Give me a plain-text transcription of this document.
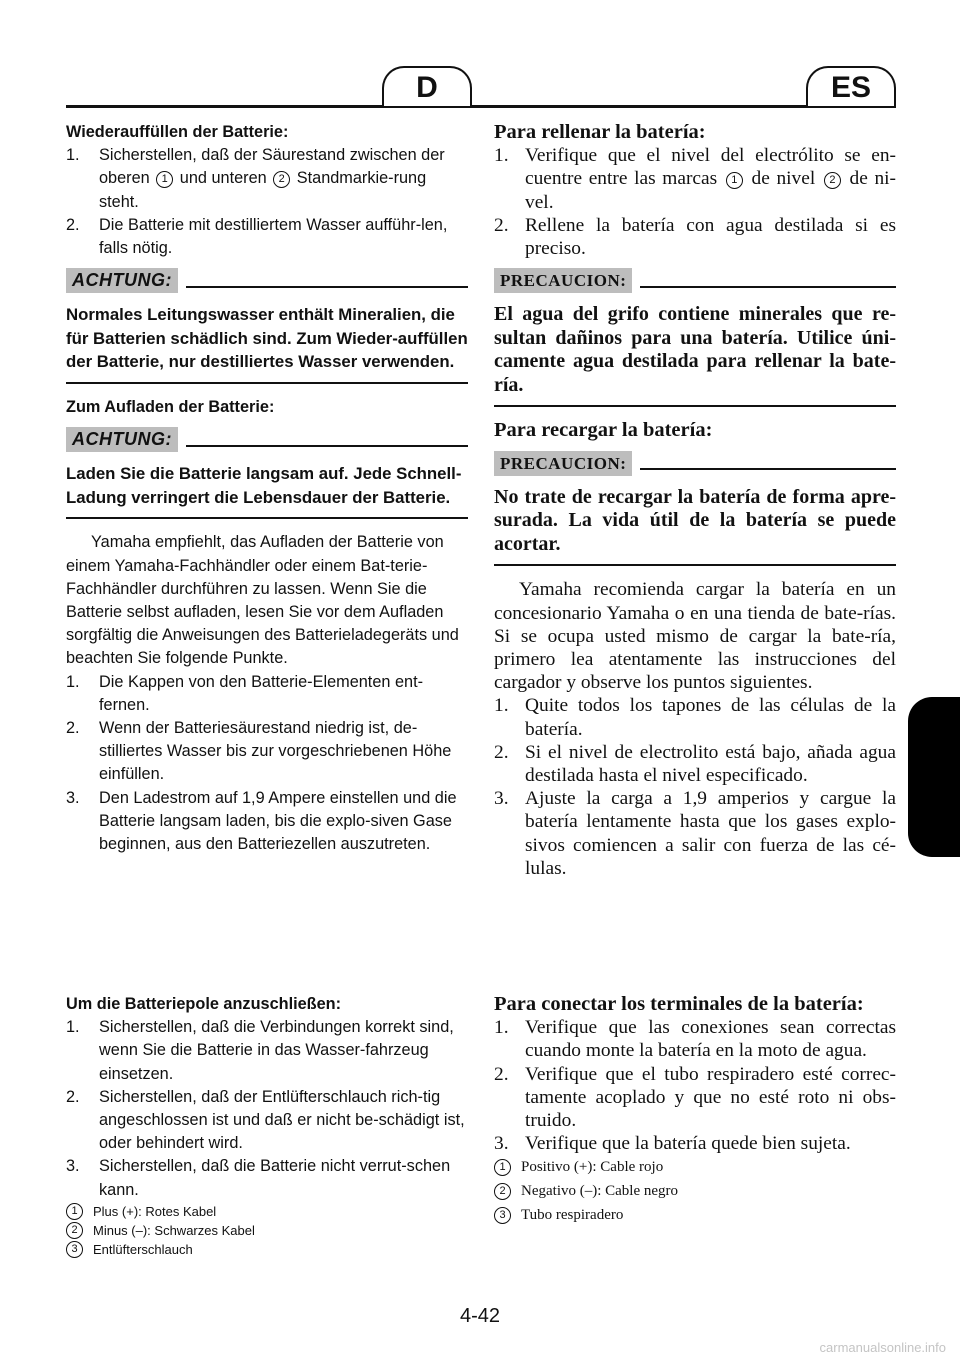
D	ES

Wiederauffüllen der Batterie:

1.	Sicherstellen, daß der Säurestand zwischen der oberen 1 und unteren 2 Standmarkie-rung steht.
2.	Die Batterie mit destilliertem Wasser aufführ-len, falls nötig.
ACHTUNG:

Normales Leitungswasser enthält Mineralien, die für Batterien schädlich sind. Zum Wieder-auffüllen der Batterie, nur destilliertes Wasser verwenden.

Zum Aufladen der Batterie:

ACHTUNG:

Laden Sie die Batterie langsam auf. Jede Schnell-Ladung verringert die Lebensdauer der Batterie.

Yamaha empfiehlt, das Aufladen der Batterie von einem Yamaha-Fachhändler oder einem Bat-terie-Fachhändler durchführen zu lassen. Wenn Sie die Batterie selbst aufladen, lesen Sie vor dem Aufladen sorgfältig die Anweisungen des Batterieladegeräts und beachten Sie folgende Punkte.

1.	Die Kappen von den Batterie-Elementen ent-fernen.
2.	Wenn der Batteriesäurestand niedrig ist, de-stilliertes Wasser bis zur vorgeschriebenen Höhe einfüllen.
3.	Den Ladestrom auf 1,9 Ampere einstellen und die Batterie langsam laden, bis die explo-siven Gase beginnen, aus den Batteriezellen auszutreten.

Para rellenar la batería:

1. Verifique que el nivel del electrólito se en-cuentre entre las marcas 1 de nivel 2 de ni-vel.
2. Rellene la batería con agua destilada si es preciso.
PRECAUCION:

El agua del grifo contiene minerales que re-sultan dañinos para una batería. Utilice úni-camente agua destilada para rellenar la bate-ría.

Para recargar la batería:

PRECAUCION:

No trate de recargar la batería de forma apre-surada. La vida útil de la batería se puede acortar.

Yamaha recomienda cargar la batería en un concesionario Yamaha o en una tienda de bate-rías. Si se ocupa usted mismo de cargar la bate-ría, primero lea atentamente las instrucciones del cargador y observe los puntos siguientes.

1. Quite todos los tapones de las células de la batería.
2. Si el nivel de electrolito está bajo, añada agua destilada hasta el nivel especificado.
3. Ajuste la carga a 1,9 amperios y cargue la batería lentamente hasta que los gases explo-sivos comiencen a salir con fuerza de las cé-lulas.

Um die Batteriepole anzuschließen:

1.	Sicherstellen, daß die Verbindungen korrekt sind, wenn Sie die Batterie in das Wasser-fahrzeug einsetzen.
2.	Sicherstellen, daß der Entlüfterschlauch rich-tig angeschlossen ist und daß er nicht be-schädigt ist, oder behindert wird.
3.	Sicherstellen, daß die Batterie nicht verrut-schen kann.
1	Plus (+): Rotes Kabel
2	Minus (–): Schwarzes Kabel
3	Entlüfterschlauch

Para conectar los terminales de la batería:

1. Verifique que las conexiones sean correctas cuando monte la batería en la moto de agua.
2. Verifique que el tubo respiradero esté correc-tamente acoplado y que no esté roto ni obs-truido.
3. Verifique que la batería quede bien sujeta.
1	Positivo (+): Cable rojo
2	Negativo (–): Cable negro
3	Tubo respiradero
4-42
carmanualsonline.info
